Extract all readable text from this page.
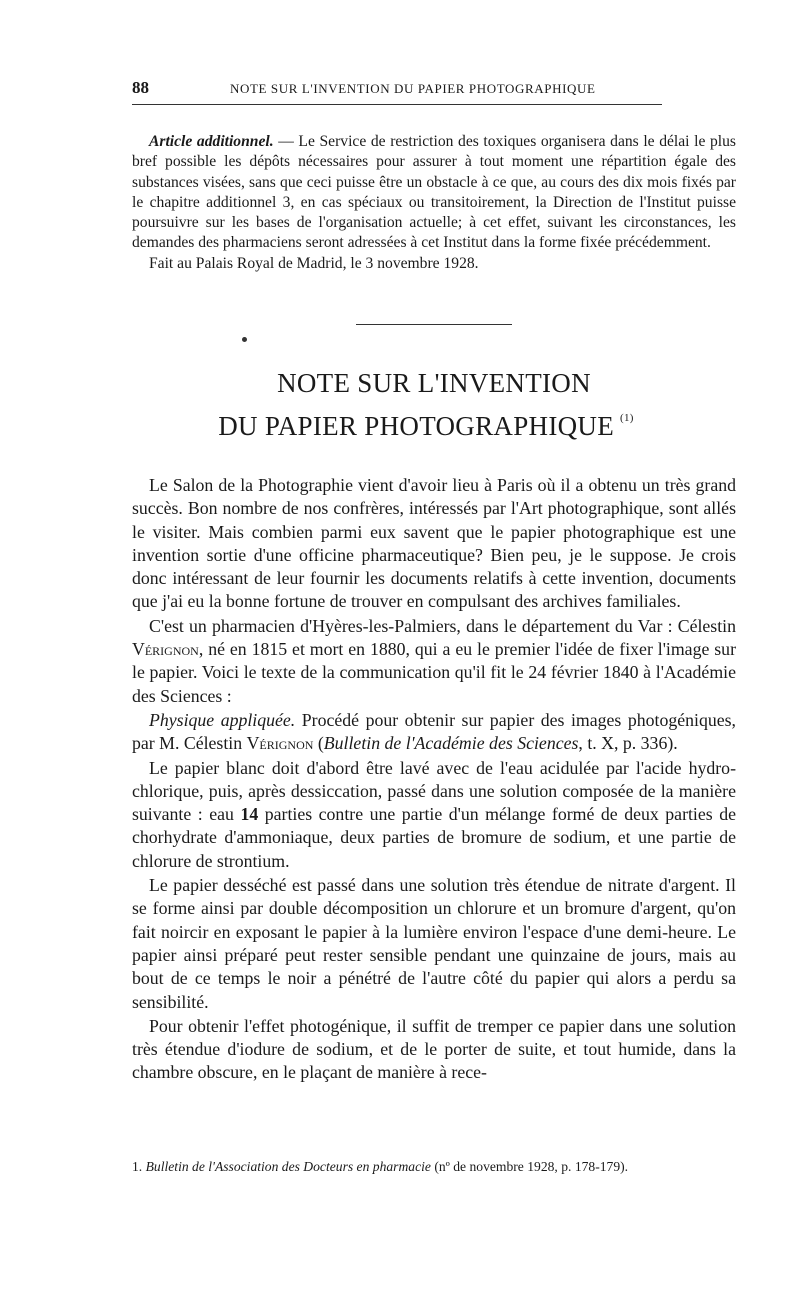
88	NOTE SUR L'INVENTION DU PAPIER PHOTOGRAPHIQUE

Article additionnel. — Le Service de restriction des toxiques organisera dans le délai le plus bref possible les dépôts nécessaires pour assurer à tout moment une répartition égale des substances visées, sans que ceci puisse être un obstacle à ce que, au cours des dix mois fixés par le chapitre additionnel 3, en cas spéciaux ou transitoirement, la Direction de l'Institut puisse poursuivre sur les bases de l'organisation actuelle; à cet effet, suivant les circonstances, les demandes des pharmaciens seront adressées à cet Institut dans la forme fixée précédemment.

Fait au Palais Royal de Madrid, le 3 novembre 1928.

NOTE SUR L'INVENTION
DU PAPIER PHOTOGRAPHIQUE $^{(1)}$

Le Salon de la Photographie vient d'avoir lieu à Paris où il a obtenu un très grand succès. Bon nombre de nos confrères, intéressés par l'Art photographique, sont allés le visiter. Mais combien parmi eux savent que le papier photographique est une invention sortie d'une officine pharmaceutique? Bien peu, je le suppose. Je crois donc intéressant de leur fournir les documents relatifs à cette invention, documents que j'ai eu la bonne fortune de trouver en compulsant des archives familiales.

C'est un pharmacien d'Hyères-les-Palmiers, dans le département du Var : Célestin Vérignon, né en 1815 et mort en 1880, qui a eu le premier l'idée de fixer l'image sur le papier. Voici le texte de la communication qu'il fit le 24 février 1840 à l'Académie des Sciences :

Physique appliquée. Procédé pour obtenir sur papier des images photogéniques, par M. Célestin Vérignon (Bulletin de l'Académie des Sciences, t. X, p. 336).

Le papier blanc doit d'abord être lavé avec de l'eau acidulée par l'acide hydro-chlorique, puis, après dessiccation, passé dans une solution composée de la manière suivante : eau 14 parties contre une partie d'un mélange formé de deux parties de chorhydrate d'ammoniaque, deux parties de bromure de sodium, et une partie de chlorure de strontium.

Le papier desséché est passé dans une solution très étendue de nitrate d'argent. Il se forme ainsi par double décomposition un chlorure et un bromure d'argent, qu'on fait noircir en exposant le papier à la lumière environ l'espace d'une demi-heure. Le papier ainsi préparé peut rester sensible pendant une quinzaine de jours, mais au bout de ce temps le noir a pénétré de l'autre côté du papier qui alors a perdu sa sensibilité.

Pour obtenir l'effet photogénique, il suffit de tremper ce papier dans une solution très étendue d'iodure de sodium, et de le porter de suite, et tout humide, dans la chambre obscure, en le plaçant de manière à rece-

1. Bulletin de l'Association des Docteurs en pharmacie (nº de novembre 1928, p. 178-179).
